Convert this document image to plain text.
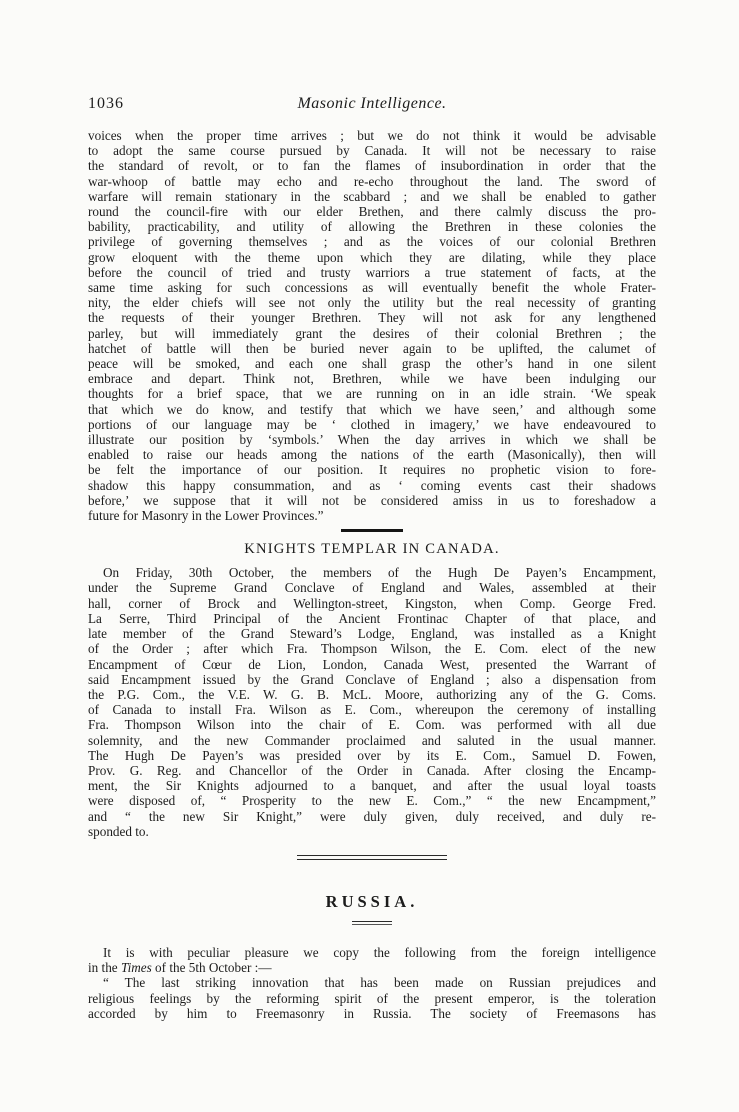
1036	Masonic Intelligence.
voices when the proper time arrives ; but we do not think it would be advisable
to adopt the same course pursued by Canada. It will not be necessary to raise
the standard of revolt, or to fan the flames of insubordination in order that the
war-whoop of battle may echo and re-echo throughout the land. The sword of
warfare will remain stationary in the scabbard ; and we shall be enabled to gather
round the council-fire with our elder Brethen, and there calmly discuss the pro-
bability, practicability, and utility of allowing the Brethren in these colonies the
privilege of governing themselves ; and as the voices of our colonial Brethren
grow eloquent with the theme upon which they are dilating, while they place
before the council of tried and trusty warriors a true statement of facts, at the
same time asking for such concessions as will eventually benefit the whole Frater-
nity, the elder chiefs will see not only the utility but the real necessity of granting
the requests of their younger Brethren. They will not ask for any lengthened
parley, but will immediately grant the desires of their colonial Brethren ; the
hatchet of battle will then be buried never again to be uplifted, the calumet of
peace will be smoked, and each one shall grasp the other’s hand in one silent
embrace and depart. Think not, Brethren, while we have been indulging our
thoughts for a brief space, that we are running on in an idle strain. ‘We speak
that which we do know, and testify that which we have seen,’ and although some
portions of our language may be ‘ clothed in imagery,’ we have endeavoured to
illustrate our position by ‘symbols.’ When the day arrives in which we shall be
enabled to raise our heads among the nations of the earth (Masonically), then will
be felt the importance of our position. It requires no prophetic vision to fore-
shadow this happy consummation, and as ‘ coming events cast their shadows
before,’ we suppose that it will not be considered amiss in us to foreshadow a
future for Masonry in the Lower Provinces.”
KNIGHTS TEMPLAR IN CANADA.
On Friday, 30th October, the members of the Hugh De Payen’s Encampment,
under the Supreme Grand Conclave of England and Wales, assembled at their
hall, corner of Brock and Wellington-street, Kingston, when Comp. George Fred.
La Serre, Third Principal of the Ancient Frontinac Chapter of that place, and
late member of the Grand Steward’s Lodge, England, was installed as a Knight
of the Order ; after which Fra. Thompson Wilson, the E. Com. elect of the new
Encampment of Cœur de Lion, London, Canada West, presented the Warrant of
said Encampment issued by the Grand Conclave of England ; also a dispensation from
the P.G. Com., the V.E. W. G. B. McL. Moore, authorizing any of the G. Coms.
of Canada to install Fra. Wilson as E. Com., whereupon the ceremony of installing
Fra. Thompson Wilson into the chair of E. Com. was performed with all due
solemnity, and the new Commander proclaimed and saluted in the usual manner.
The Hugh De Payen’s was presided over by its E. Com., Samuel D. Fowen,
Prov. G. Reg. and Chancellor of the Order in Canada. After closing the Encamp-
ment, the Sir Knights adjourned to a banquet, and after the usual loyal toasts
were disposed of, “ Prosperity to the new E. Com.,” “ the new Encampment,”
and “ the new Sir Knight,” were duly given, duly received, and duly re-
sponded to.
RUSSIA.
It is with peculiar pleasure we copy the following from the foreign intelligence
in the Times of the 5th October :—
“ The last striking innovation that has been made on Russian prejudices and
religious feelings by the reforming spirit of the present emperor, is the toleration
accorded by him to Freemasonry in Russia. The society of Freemasons has
